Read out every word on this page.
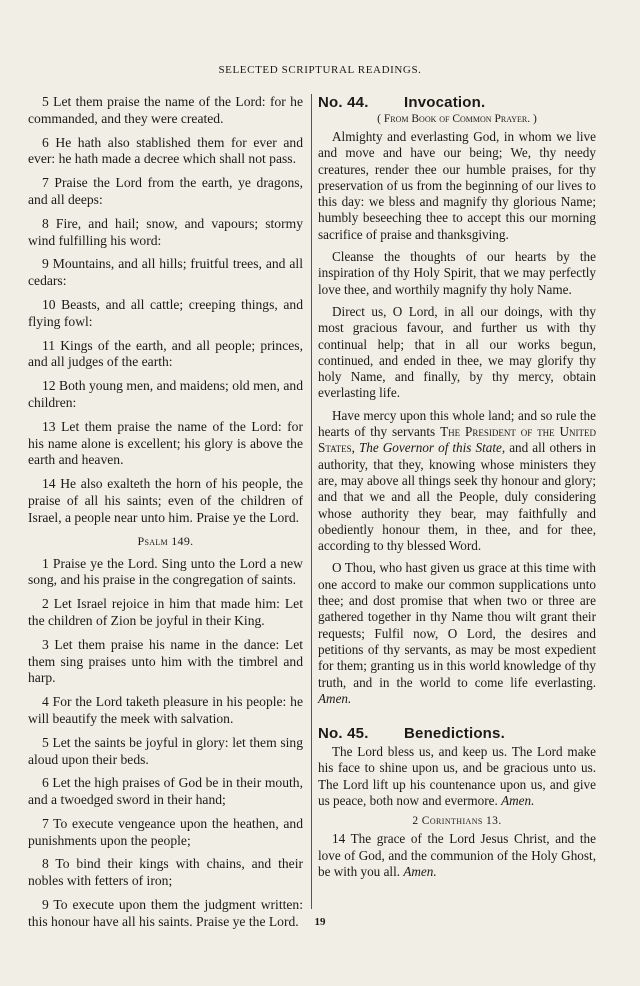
SELECTED SCRIPTURAL READINGS.

5 Let them praise the name of the Lord: for he commanded, and they were created.

6 He hath also stablished them for ever and ever: he hath made a decree which shall not pass.

7 Praise the Lord from the earth, ye dragons, and all deeps:

8 Fire, and hail; snow, and vapours; stormy wind fulfilling his word:

9 Mountains, and all hills; fruitful trees, and all cedars:

10 Beasts, and all cattle; creeping things, and flying fowl:

11 Kings of the earth, and all people; princes, and all judges of the earth:

12 Both young men, and maidens; old men, and children:

13 Let them praise the name of the Lord: for his name alone is excellent; his glory is above the earth and heaven.

14 He also exalteth the horn of his people, the praise of all his saints; even of the children of Israel, a people near unto him. Praise ye the Lord.

Psalm 149.

1 Praise ye the Lord. Sing unto the Lord a new song, and his praise in the congregation of saints.

2 Let Israel rejoice in him that made him: Let the children of Zion be joyful in their King.

3 Let them praise his name in the dance: Let them sing praises unto him with the timbrel and harp.

4 For the Lord taketh pleasure in his people: he will beautify the meek with salvation.

5 Let the saints be joyful in glory: let them sing aloud upon their beds.

6 Let the high praises of God be in their mouth, and a twoedged sword in their hand;

7 To execute vengeance upon the heathen, and punishments upon the people;

8 To bind their kings with chains, and their nobles with fetters of iron;

9 To execute upon them the judgment written: this honour have all his saints. Praise ye the Lord.

No. 44.	Invocation.
( From Book of Common Prayer. )

Almighty and everlasting God, in whom we live and move and have our being; We, thy needy creatures, render thee our humble praises, for thy preservation of us from the beginning of our lives to this day: we bless and magnify thy glorious Name; humbly beseeching thee to accept this our morning sacrifice of praise and thanksgiving.

Cleanse the thoughts of our hearts by the inspiration of thy Holy Spirit, that we may perfectly love thee, and worthily magnify thy holy Name.

Direct us, O Lord, in all our doings, with thy most gracious favour, and further us with thy continual help; that in all our works begun, continued, and ended in thee, we may glorify thy holy Name, and finally, by thy mercy, obtain everlasting life.

Have mercy upon this whole land; and so rule the hearts of thy servants The President of the United States, The Governor of this State, and all others in authority, that they, knowing whose ministers they are, may above all things seek thy honour and glory; and that we and all the People, duly considering whose authority they bear, may faithfully and obediently honour them, in thee, and for thee, according to thy blessed Word.

O Thou, who hast given us grace at this time with one accord to make our common supplications unto thee; and dost promise that when two or three are gathered together in thy Name thou wilt grant their requests; Fulfil now, O Lord, the desires and petitions of thy servants, as may be most expedient for them; granting us in this world knowledge of thy truth, and in the world to come life everlasting. Amen.

No. 45.	Benedictions.

The Lord bless us, and keep us. The Lord make his face to shine upon us, and be gracious unto us. The Lord lift up his countenance upon us, and give us peace, both now and evermore. Amen.

2 Corinthians 13.

14 The grace of the Lord Jesus Christ, and the love of God, and the communion of the Holy Ghost, be with you all. Amen.

19
